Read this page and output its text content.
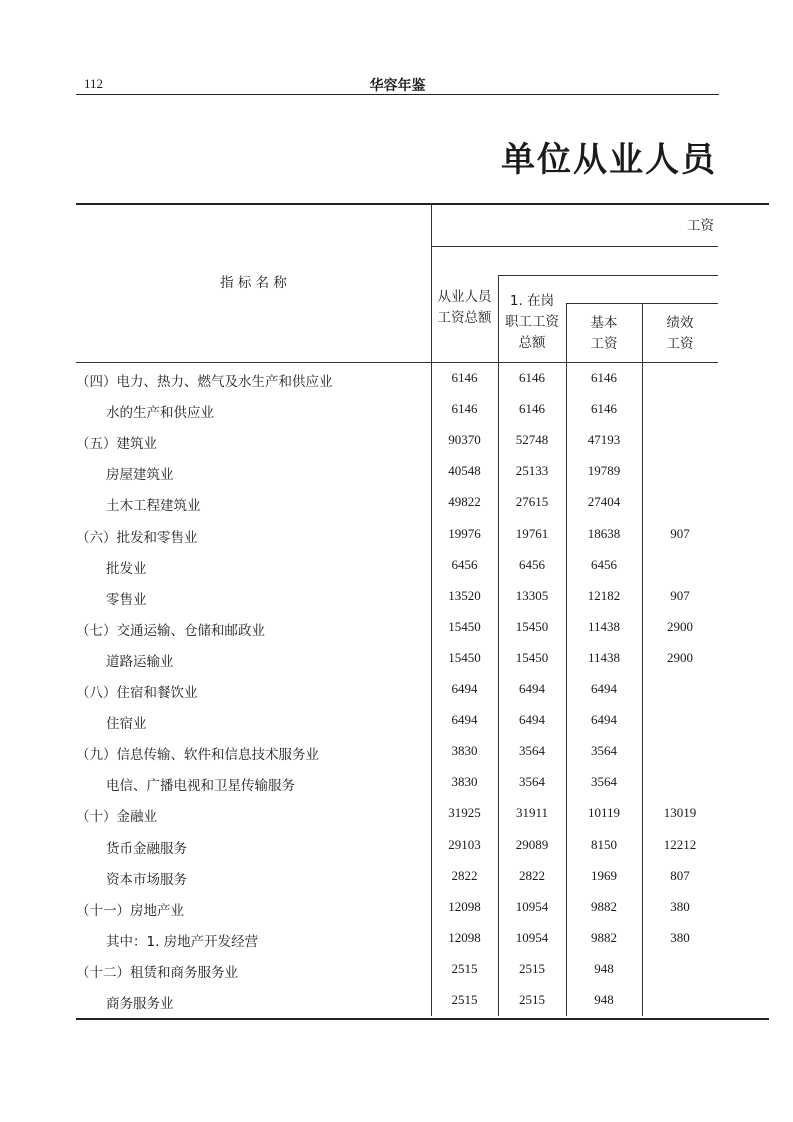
112	华容年鉴
单位从业人员
指 标 名 称
工资
从业人员
工资总额
1. 在岗
职工工资
总额
基本
工资
绩效
工资
（四）电力、热力、燃气及水生产和供应业	6146	6146	6146
水的生产和供应业	6146	6146	6146
（五）建筑业	90370	52748	47193
房屋建筑业	40548	25133	19789
土木工程建筑业	49822	27615	27404
（六）批发和零售业	19976	19761	18638	907
批发业	6456	6456	6456
零售业	13520	13305	12182	907
（七）交通运输、仓储和邮政业	15450	15450	11438	2900
道路运输业	15450	15450	11438	2900
（八）住宿和餐饮业	6494	6494	6494
住宿业	6494	6494	6494
（九）信息传输、软件和信息技术服务业	3830	3564	3564
电信、广播电视和卫星传输服务	3830	3564	3564
（十）金融业	31925	31911	10119	13019
货币金融服务	29103	29089	8150	12212
资本市场服务	2822	2822	1969	807
（十一）房地产业	12098	10954	9882	380
其中：1. 房地产开发经营	12098	10954	9882	380
（十二）租赁和商务服务业	2515	2515	948
商务服务业	2515	2515	948
